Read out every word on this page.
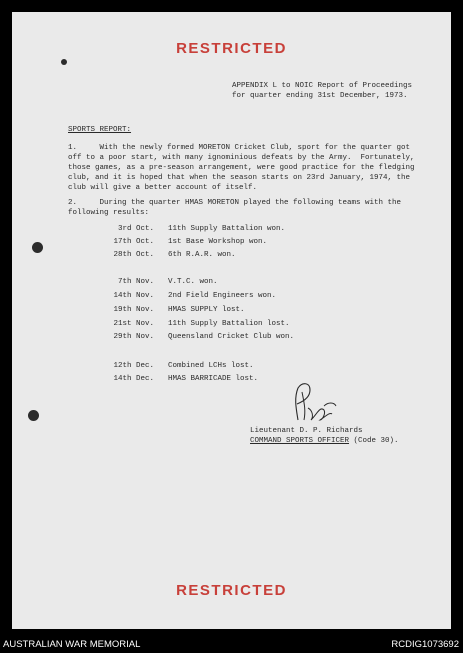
RESTRICTED
APPENDIX L to NOIC Report of Proceedings
for quarter ending 31st December, 1973.
SPORTS REPORT:
1.     With the newly formed MORETON Cricket Club, sport for the quarter got
off to a poor start, with many ignominious defeats by the Army.  Fortunately,
those games, as a pre-season arrangement, were good practice for the fledging
club, and it is hoped that when the season starts on 23rd January, 1974, the
club will give a better account of itself.
2.     During the quarter HMAS MORETON played the following teams with the
following results:
3rd Oct. 11th Supply Battalion won.
17th Oct. 1st Base Workshop won.
28th Oct. 6th R.A.R. won.
7th Nov. V.T.C. won.
14th Nov. 2nd Field Engineers won.
19th Nov. HMAS SUPPLY lost.
21st Nov. 11th Supply Battalion lost.
29th Nov. Queensland Cricket Club won.
12th Dec. Combined LCHs lost.
14th Dec. HMAS BARRICADE lost.
Lieutenant D. P. Richards
COMMAND SPORTS OFFICER (Code 30).
RESTRICTED
AUSTRALIAN WAR MEMORIAL	RCDIG1073692
